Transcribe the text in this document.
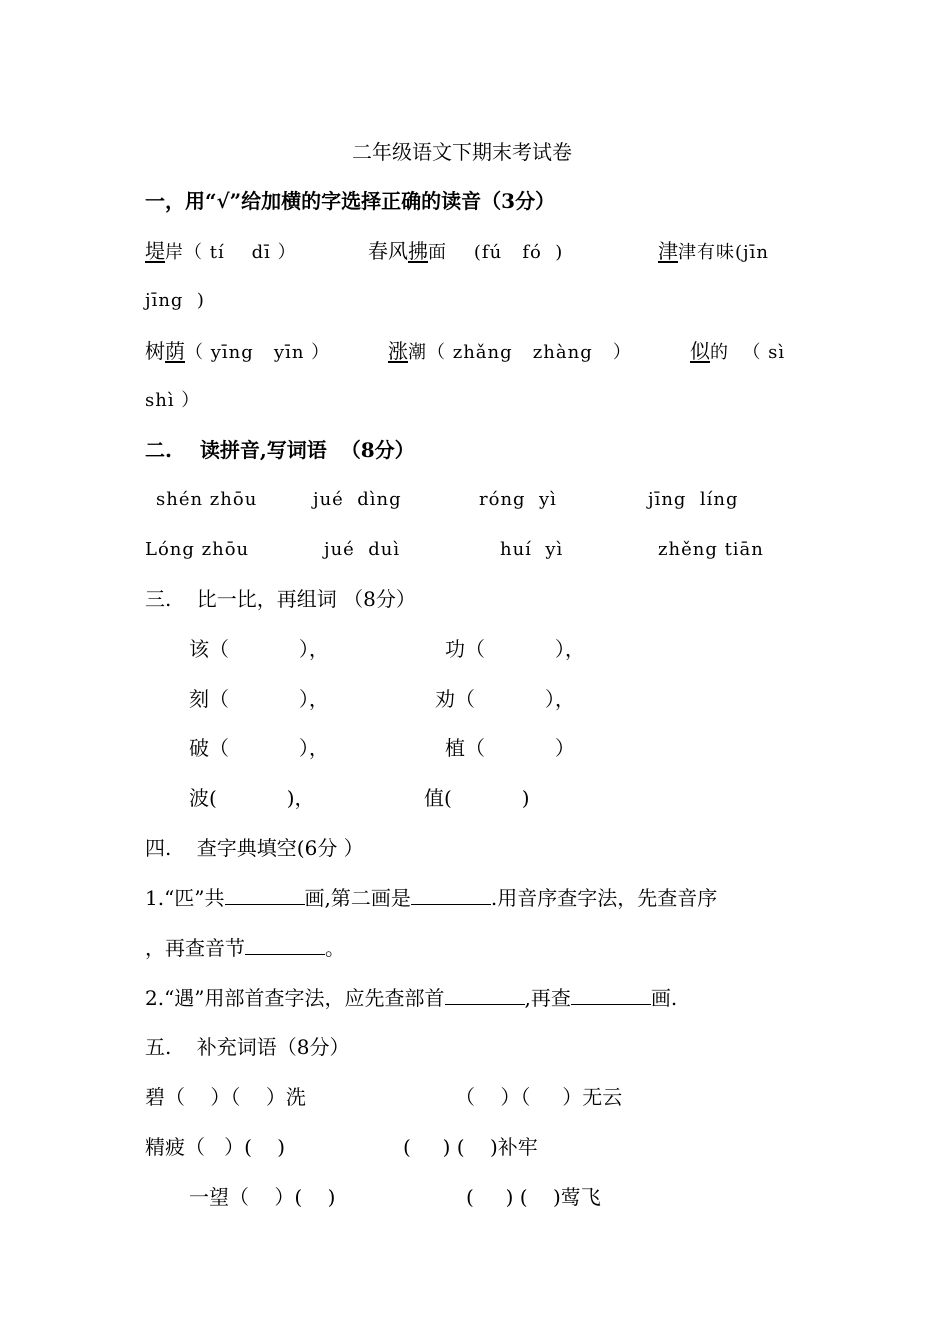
二年级语文下期末考试卷
一，用“√”给加横的字选择正确的读音（3分）
堤岸（ tí    dī ）	春风拂面    (fú   fó  )	津津有味(jīn
jīng  )
树荫（ yīng   yīn ）	涨潮（ zhǎng   zhàng   ）	似的  （ sì
shì ）
二.    读拼音,写词语  （8分）
shén zhōu	jué  dìng	róng  yì	jīng  líng
Lóng zhōu	jué  duì	huí  yì	zhěng tiān
三.    比一比，再组词 （8分）
该（           ），	功（           ），
刻（           ），	劝（           ），
破（           ），	植（           ）
波(           )，	值(           )
四.    查字典填空(6分 ）
1.“匹”共	画,第二画是	.用音序查字法，先查音序
，再查音节	。
2.“遇”用部首查字法，应先查部首	,再查	画.
五.    补充词语（8分）
碧（    ）（    ）洗	（    ）（     ）无云
精疲（   ）(    )	(     ) (    )补牢
一望（    ）(    )	(     ) (    )莺飞
